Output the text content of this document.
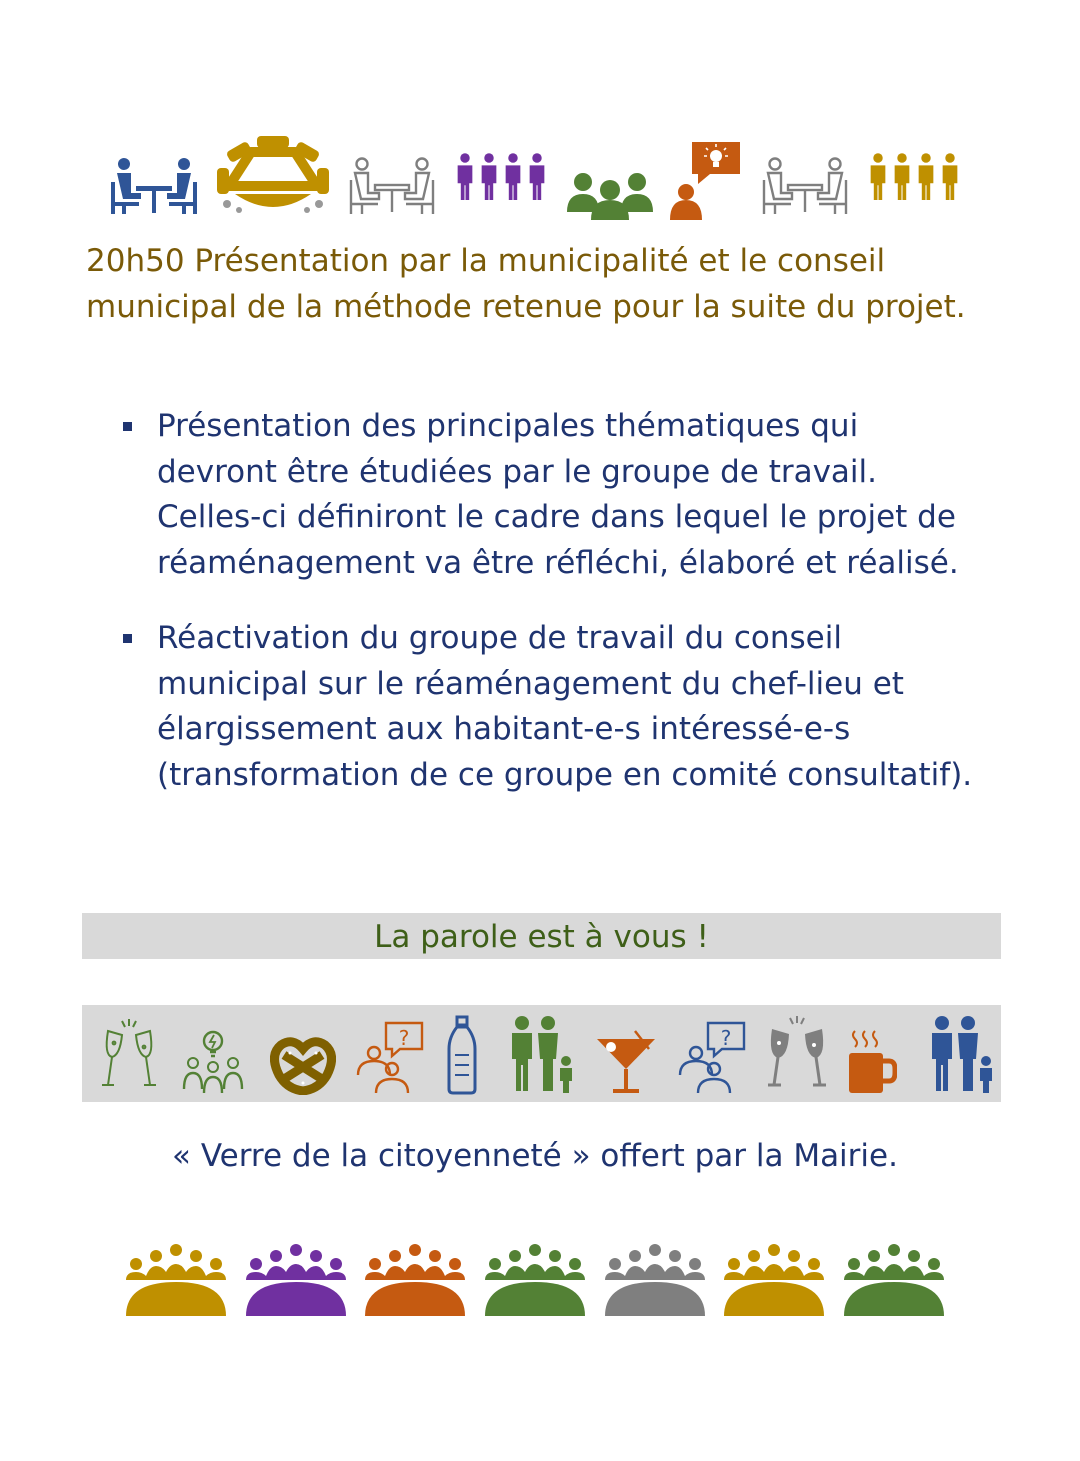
20h50 Présentation par la municipalité et le conseil municipal de la méthode retenue pour la suite du projet.

Présentation des principales thématiques qui devront être étudiées par le groupe de travail. Celles-ci définiront le cadre dans lequel le projet de réaménagement va être réfléchi, élaboré et réalisé.
Réactivation du groupe de travail du conseil municipal sur le réaménagement du chef-lieu et élargissement aux habitant-e-s intéressé-e-s (transformation de ce groupe en comité consultatif).
La parole est à vous !
?	?
« Verre de la citoyenneté » offert par la Mairie.
